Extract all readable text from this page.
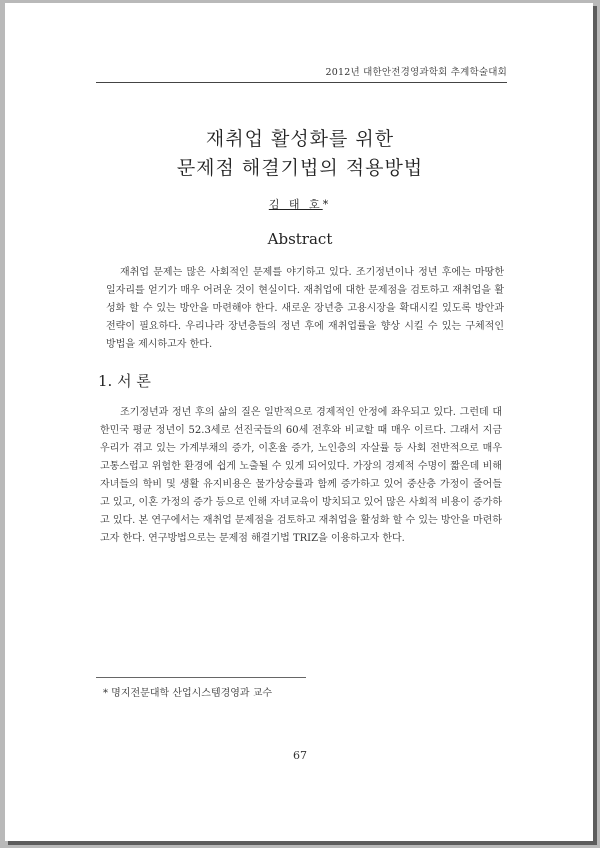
2012년 대한안전경영과학회 추계학술대회
재취업 활성화를 위한
문제점 해결기법의 적용방법
김 태 호*
Abstract
재취업 문제는 많은 사회적인 문제를 야기하고 있다. 조기정년이나 정년 후에는 마땅한 일자리를 얻기가 매우 어려운 것이 현실이다. 재취업에 대한 문제점을 검토하고 재취업을 활성화 할 수 있는 방안을 마련해야 한다. 새로운 장년층 고용시장을 확대시킬 있도록 방안과 전략이 필요하다. 우리나라 장년층들의 정년 후에 재취업률을 향상 시킬 수 있는 구체적인 방법을 제시하고자 한다.
1. 서 론
조기정년과 정년 후의 삶의 질은 일반적으로 경제적인 안정에 좌우되고 있다. 그런데 대한민국 평균 정년이 52.3세로 선진국들의 60세 전후와 비교할 때 매우 이르다. 그래서 지금 우리가 겪고 있는 가계부채의 증가, 이혼율 증가, 노인층의 자살률 등 사회 전반적으로 매우 고통스럽고 위험한 환경에 쉽게 노출될 수 있게 되어있다. 가장의 경제적 수명이 짧은데 비해 자녀들의 학비 및 생활 유지비용은 물가상승률과 함께 증가하고 있어 중산층 가정이 줄어들고 있고, 이혼 가정의 증가 등으로 인해 자녀교육이 방치되고 있어 많은 사회적 비용이 증가하고 있다. 본 연구에서는 재취업 문제점을 검토하고 재취업을 활성화 할 수 있는 방안을 마련하고자 한다. 연구방법으로는 문제점 해결기법 TRIZ을 이용하고자 한다.
* 명지전문대학 산업시스템경영과 교수
67
